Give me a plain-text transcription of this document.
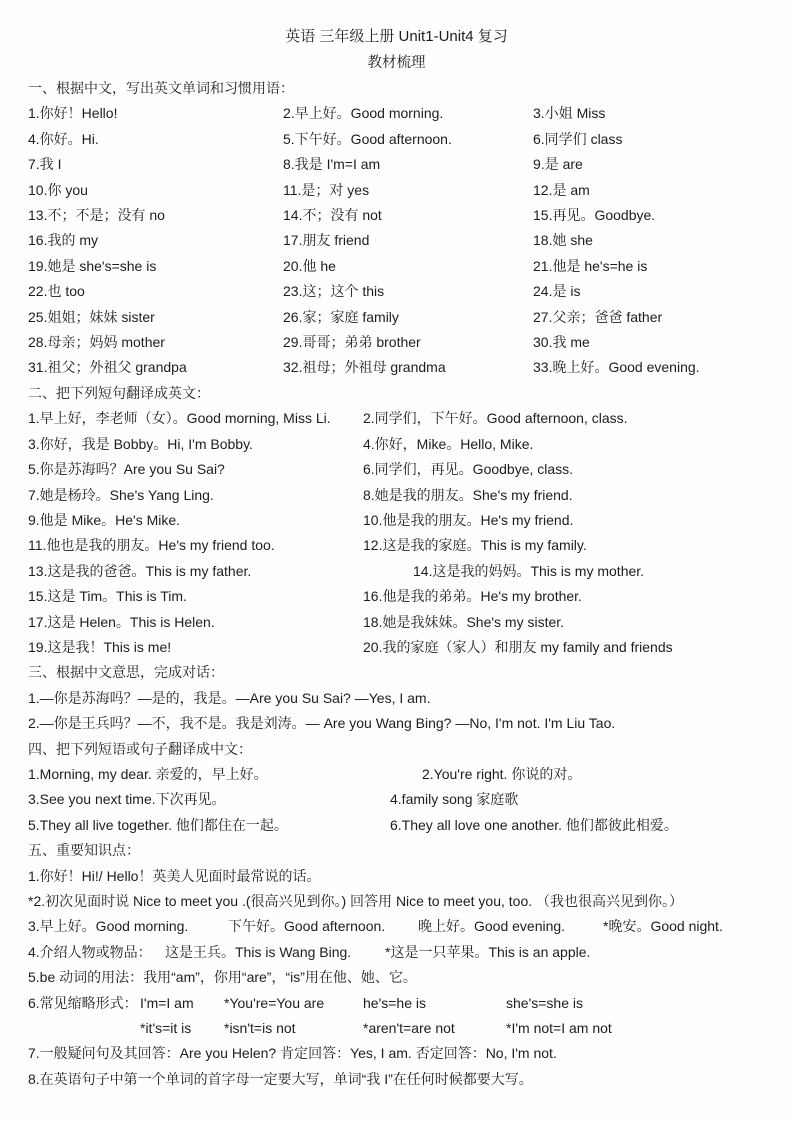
英语 三年级上册 Unit1-Unit4 复习
教材梳理
一、根据中文，写出英文单词和习惯用语：
1.你好！Hello!	2.早上好。Good morning.	3.小姐 Miss
4.你好。Hi.	5.下午好。Good afternoon.	6.同学们 class
7.我 I	8.我是 I'm=I am	9.是 are
10.你 you	11.是；对 yes	12.是 am
13.不；不是；没有 no	14.不；没有 not	15.再见。Goodbye.
16.我的 my	17.朋友 friend	18.她 she
19.她是 she's=she is	20.他 he	21.他是 he's=he is
22.也 too	23.这；这个 this	24.是 is
25.姐姐；妹妹 sister	26.家；家庭 family	27.父亲；爸爸 father
28.母亲；妈妈 mother	29.哥哥；弟弟 brother	30.我 me
31.祖父；外祖父 grandpa	32.祖母；外祖母 grandma	33.晚上好。Good evening.
二、把下列短句翻译成英文：
1.早上好，李老师（女）。Good morning, Miss Li.	2.同学们，下午好。Good afternoon, class.
3.你好，我是 Bobby。Hi, I'm Bobby.	4.你好，Mike。Hello, Mike.
5.你是苏海吗？Are you Su Sai?	6.同学们，再见。Goodbye, class.
7.她是杨玲。She's Yang Ling.	8.她是我的朋友。She's my friend.
9.他是 Mike。He's Mike.	10.他是我的朋友。He's my friend.
11.他也是我的朋友。He's my friend too.	12.这是我的家庭。This is my family.
13.这是我的爸爸。This is my father.	14.这是我的妈妈。This is my mother.
15.这是 Tim。This is Tim.	16.他是我的弟弟。He's my brother.
17.这是 Helen。This is Helen.	18.她是我妹妹。She's my sister.
19.这是我！This is me!	20.我的家庭（家人）和朋友 my family and friends
三、根据中文意思，完成对话：
1.—你是苏海吗？—是的，我是。—Are you Su Sai? —Yes, I am.
2.—你是王兵吗？—不，我不是。我是刘涛。— Are you Wang Bing? —No, I'm not. I'm Liu Tao.
四、把下列短语或句子翻译成中文：
1.Morning, my dear. 亲爱的，早上好。	2.You're right. 你说的对。
3.See you next time.下次再见。	4.family song 家庭歌
5.They all live together. 他们都住在一起。	6.They all love one another. 他们都彼此相爱。
五、重要知识点：
1.你好！Hi!/ Hello！英美人见面时最常说的话。
*2.初次见面时说 Nice to meet you .(很高兴见到你。) 回答用 Nice to meet you, too. （我也很高兴见到你。）
3.早上好。Good morning.	下午好。Good afternoon. 晚上好。Good evening.	*晚安。Good night.
4.介绍人物或物品： 这是王兵。This is Wang Bing. *这是一只苹果。This is an apple.
5.be 动词的用法：我用“am”，你用“are”，“is”用在他、她、它。
6.常见缩略形式： I'm=I am *You're=You are	he's=he is	she's=she is
*it's=it is *isn't=is not	*aren't=are not	*I'm not=I am not
7.一般疑问句及其回答：Are you Helen? 肯定回答：Yes, I am. 否定回答：No, I'm not.
8.在英语句子中第一个单词的首字母一定要大写，单词“我 I”在任何时候都要大写。
